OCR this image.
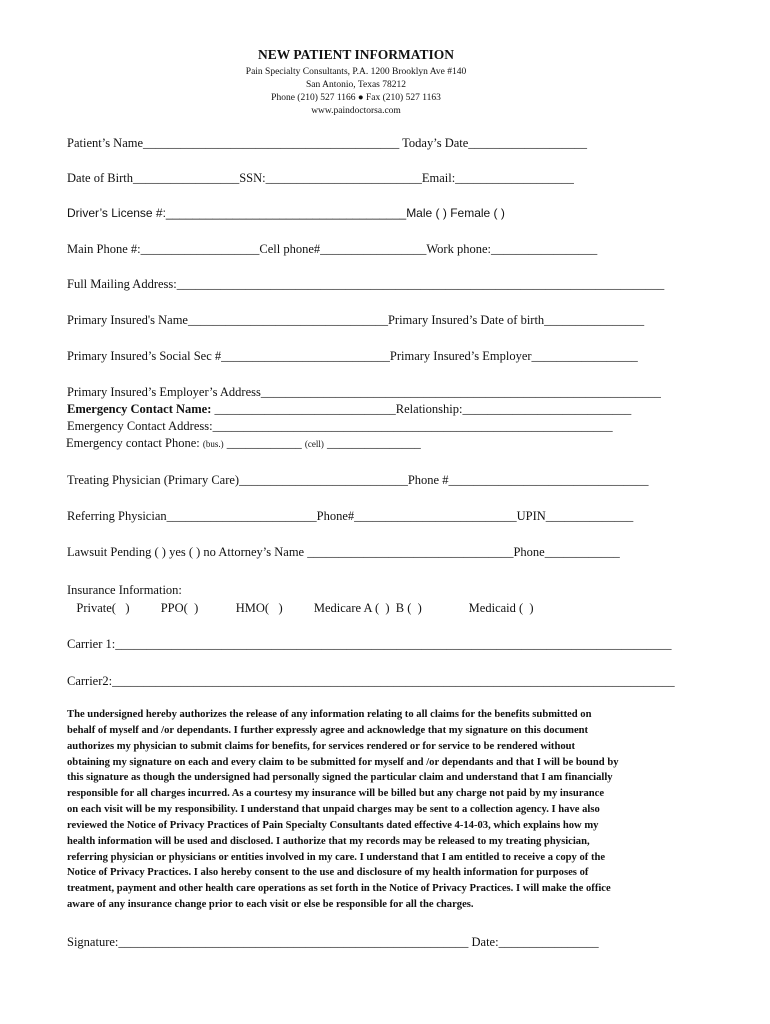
NEW PATIENT INFORMATION
Pain Specialty Consultants, P.A. 1200 Brooklyn Ave #140
San Antonio, Texas 78212
Phone (210) 527 1166 ● Fax (210) 527 1163
www.paindoctorsa.com
Patient’s Name_________________________________________ Today’s Date___________________
Date of Birth_________________SSN:_________________________Email:___________________
Driver’s License #:____________________________________Male ( ) Female ( )
Main Phone #:___________________Cell phone#_________________Work phone:_________________
Full Mailing Address:______________________________________________________________________________
Primary Insured's Name________________________________Primary Insured’s Date of birth________________
Primary Insured’s Social Sec #___________________________Primary Insured’s Employer_________________
Primary Insured’s Employer’s Address________________________________________________________________
Emergency Contact Name: _____________________________Relationship:___________________________
Emergency Contact Address:________________________________________________________________
Emergency contact Phone: (bus.) ____________ (cell) _______________
Treating Physician (Primary Care)___________________________Phone #________________________________
Referring Physician________________________Phone#__________________________UPIN______________
Lawsuit Pending ( ) yes ( ) no Attorney’s Name _________________________________Phone____________
Insurance Information:
Private(   )          PPO(  )            HMO(   )          Medicare A (  )  B (  )               Medicaid (  )
Carrier 1:_________________________________________________________________________________________
Carrier2:__________________________________________________________________________________________
The undersigned hereby authorizes the release of any information relating to all claims for the benefits submitted on
behalf of myself and /or dependants. I further expressly agree and acknowledge that my signature on this document
authorizes my physician to submit claims for benefits, for services rendered or for service to be rendered without
obtaining my signature on each and every claim to be submitted for myself and /or dependants and that I will be bound by
this signature as though the undersigned had personally signed the particular claim and understand that I am financially
responsible for all charges incurred. As a courtesy my insurance will be billed but any charge not paid by my insurance
on each visit will be my responsibility. I understand that unpaid charges may be sent to a collection agency. I have also
reviewed the Notice of Privacy Practices of Pain Specialty Consultants dated effective 4-14-03, which explains how my
health information will be used and disclosed. I authorize that my records may be released to my treating physician,
referring physician or physicians or entities involved in my care. I understand that I am entitled to receive a copy of the
Notice of Privacy Practices. I also hereby consent to the use and disclosure of my health information for purposes of
treatment, payment and other health care operations as set forth in the Notice of Privacy Practices. I will make the office
aware of any insurance change prior to each visit or else be responsible for all the charges.
Signature:________________________________________________________ Date:________________
